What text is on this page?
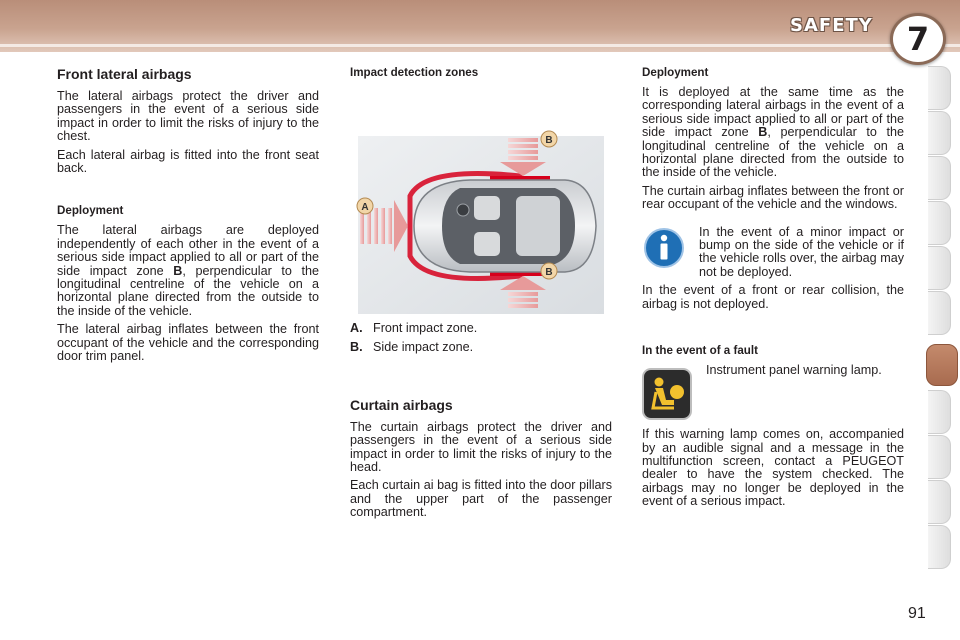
SAFETY	7
Front lateral airbags

The lateral airbags protect the driver and passengers in the event of a serious side impact in order to limit the risks of injury to the chest.

Each lateral airbag is fitted into the front seat back.

Deployment

The lateral airbags are deployed independently of each other in the event of a serious side impact applied to all or part of the side impact zone B, perpendicular to the longitudinal centreline of the vehicle on a horizontal plane directed from the outside to the inside of the vehicle.

The lateral airbag inflates between the front occupant of the vehicle and the corresponding door trim panel.

Impact detection zones
A
B
B
A. Front impact zone.
B. Side impact zone.
Curtain airbags

The curtain airbags protect the driver and passengers in the event of a serious side impact in order to limit the risks of injury to the head.

Each curtain ai bag is fitted into the door pillars and the upper part of the passenger compartment.

Deployment

It is deployed at the same time as the corresponding lateral airbags in the event of a serious side impact applied to all or part of the side impact zone B, perpendicular to the longitudinal centreline of the vehicle on a horizontal plane directed from the outside to the inside of the vehicle.

The curtain airbag inflates between the front or rear occupant of the vehicle and the windows.

In the event of a minor impact or bump on the side of the vehicle or if the vehicle rolls over, the airbag may not be deployed.

In the event of a front or rear collision, the airbag is not deployed.

In the event of a fault

Instrument panel warning lamp.

If this warning lamp comes on, accompanied by an audible signal and a message in the multifunction screen, contact a PEUGEOT dealer to have the system checked. The airbags may no longer be deployed in the event of a serious impact.

91
